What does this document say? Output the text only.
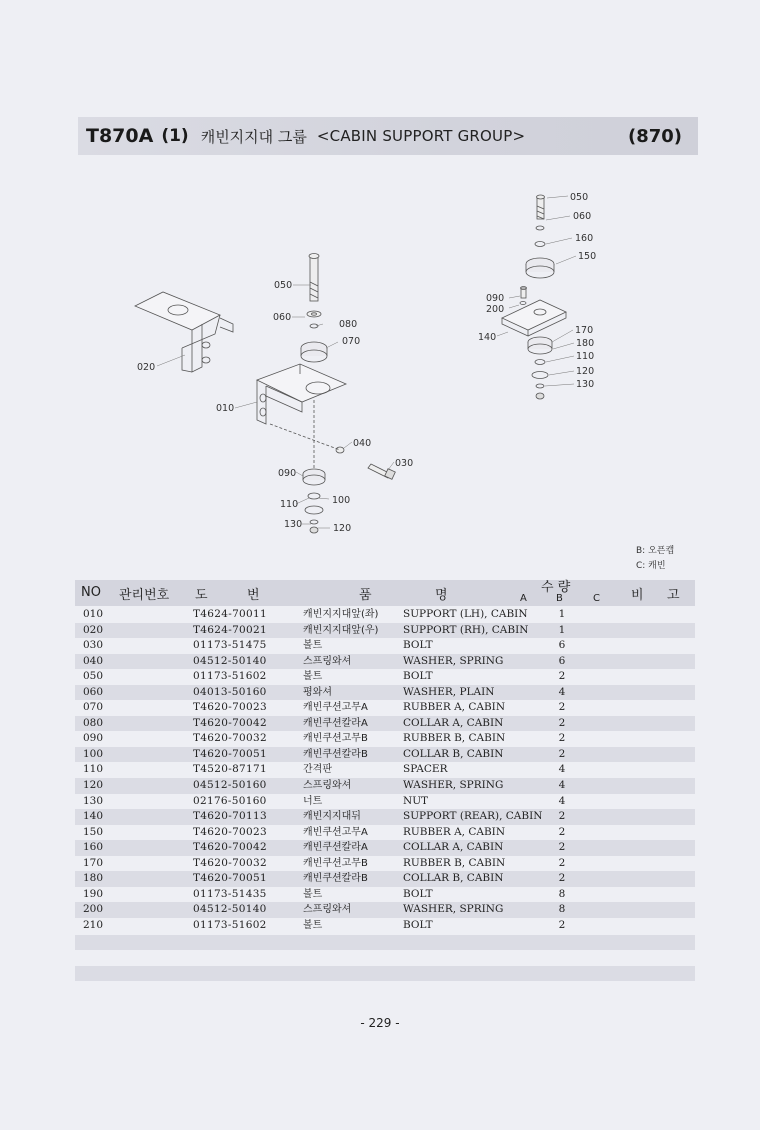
T870A (1) 캐빈지지대 그룹 <CABIN SUPPORT GROUP>	(870)
050
060
080
070
020
010
040
030
090
110	100
130	120
050
060
160
150
090
200
140
170
180
110
120
130
B: 오픈캡
C: 캐빈
NO 관리번호 도	번	품	명
수 량
A	B	C 비 고
010	T4624-70011	캐빈지지대앞(좌) SUPPORT (LH), CABIN	1
020	T4624-70021	캐빈지지대앞(우) SUPPORT (RH), CABIN	1
030	01173-51475	볼트	BOLT	6
040	04512-50140	스프링와셔	WASHER, SPRING	6
050	01173-51602	볼트	BOLT	2
060	04013-50160	평와셔	WASHER, PLAIN	4
070	T4620-70023	캐빈쿠션고무A	RUBBER A, CABIN	2
080	T4620-70042	캐빈쿠션칼라A	COLLAR A, CABIN	2
090	T4620-70032	캐빈쿠션고무B	RUBBER B, CABIN	2
100	T4620-70051	캐빈쿠션칼라B	COLLAR B, CABIN	2
110	T4520-87171	간격판	SPACER	4
120	04512-50160	스프링와셔	WASHER, SPRING	4
130	02176-50160	너트	NUT	4
140	T4620-70113	캐빈지지대뒤	SUPPORT (REAR), CABIN 2
150	T4620-70023	캐빈쿠션고무A	RUBBER A, CABIN	2
160	T4620-70042	캐빈쿠션칼라A	COLLAR A, CABIN	2
170	T4620-70032	캐빈쿠션고무B	RUBBER B, CABIN	2
180	T4620-70051	캐빈쿠션칼라B	COLLAR B, CABIN	2
190	01173-51435	볼트	BOLT	8
200	04512-50140	스프링와셔	WASHER, SPRING	8
210	01173-51602	볼트	BOLT	2
- 229 -
